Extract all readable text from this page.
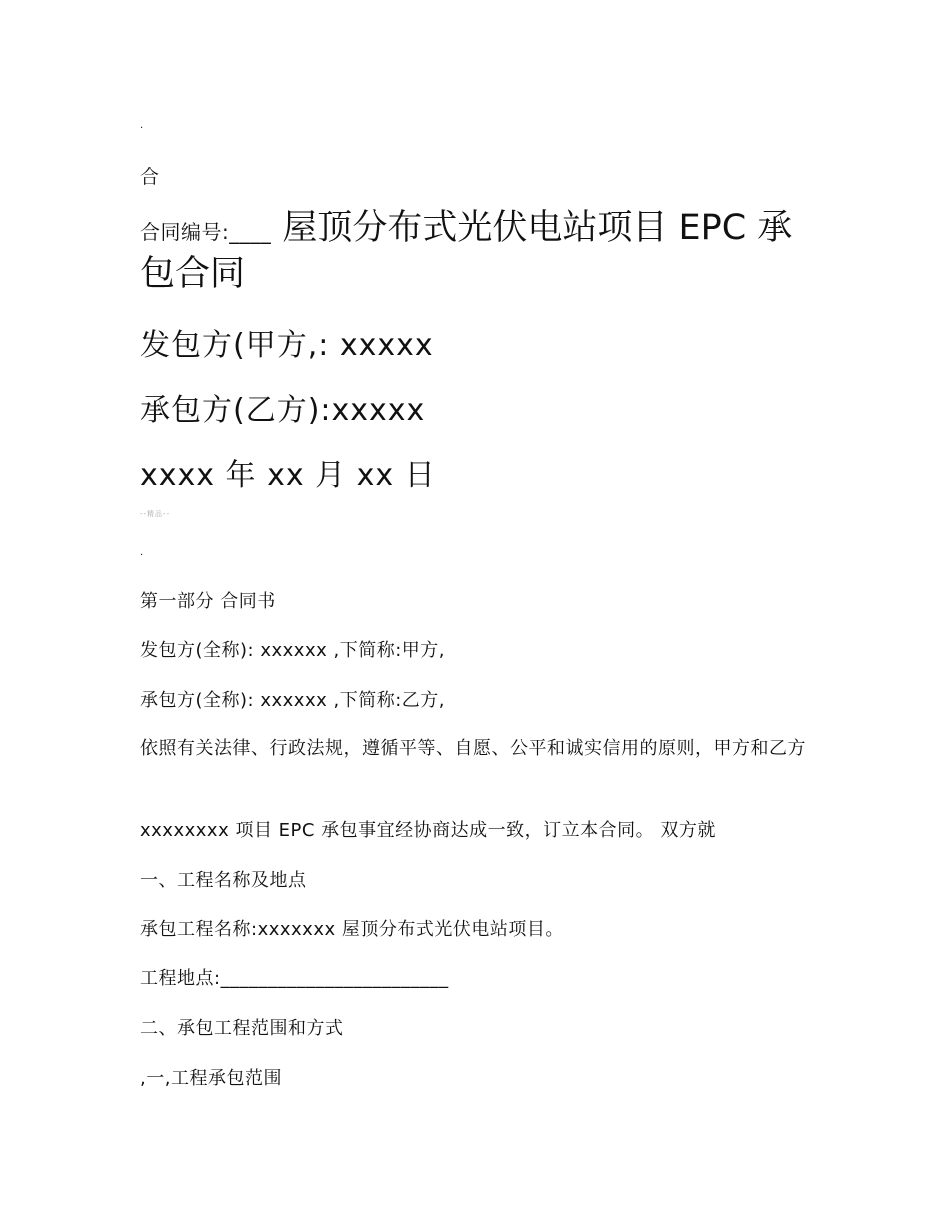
.
合
合同编号:____ 屋顶分布式光伏电站项目 EPC 承包合同
发包方(甲方,: xxxxx
承包方(乙方):xxxxx
xxxx 年 xx 月 xx 日
--精品--
.
第一部分 合同书
发包方(全称): xxxxxx ,下简称:甲方,
承包方(全称): xxxxxx ,下简称:乙方,
依照有关法律、行政法规，遵循平等、自愿、公平和诚实信用的原则，甲方和乙方
xxxxxxxx 项目 EPC 承包事宜经协商达成一致，订立本合同。 双方就
一、工程名称及地点
承包工程名称:xxxxxxx 屋顶分布式光伏电站项目。
工程地点:________________________
二、承包工程范围和方式
,一,工程承包范围
